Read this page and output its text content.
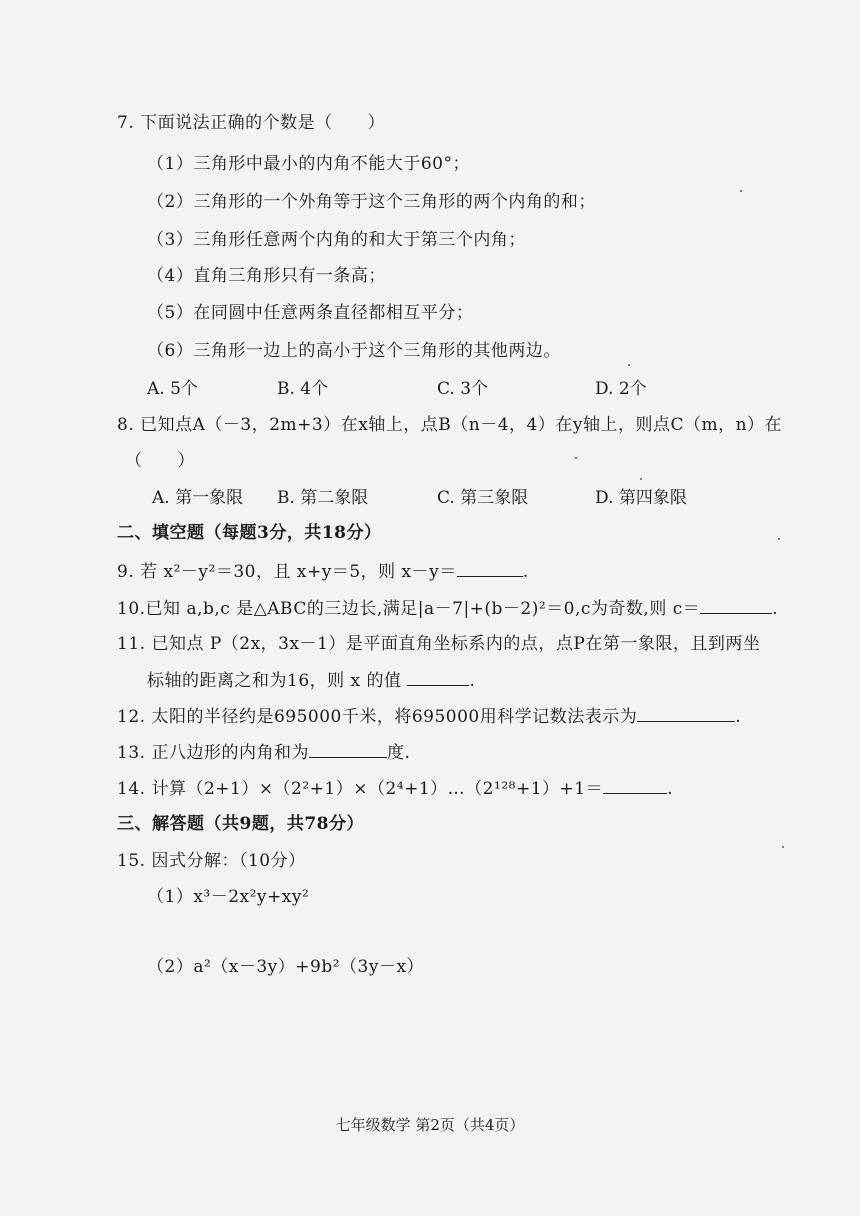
7. 下面说法正确的个数是（　　）
（1）三角形中最小的内角不能大于60°；
（2）三角形的一个外角等于这个三角形的两个内角的和；
（3）三角形任意两个内角的和大于第三个内角；
（4）直角三角形只有一条高；
（5）在同圆中任意两条直径都相互平分；
（6）三角形一边上的高小于这个三角形的其他两边。
A. 5个	B. 4个	C. 3个	D. 2个
8. 已知点A（－3，2m+3）在x轴上，点B（n－4，4）在y轴上，则点C（m，n）在
（　　）
A. 第一象限 B. 第二象限	C. 第三象限	D. 第四象限
二、填空题（每题3分，共18分）
9. 若 x²－y²＝30，且 x+y＝5，则 x－y＝	.
10.已知 a,b,c 是△ABC的三边长,满足|a－7|+(b－2)²＝0,c为奇数,则 c＝	.
11. 已知点 P（2x，3x－1）是平面直角坐标系内的点，点P在第一象限，且到两坐
标轴的距离之和为16，则 x 的值	.
12. 太阳的半径约是695000千米，将695000用科学记数法表示为	.
13. 正八边形的内角和为	度.
14. 计算（2+1）×（2²+1）×（2⁴+1）…（2¹²⁸+1）+1＝	.
三、解答题（共9题，共78分）
15. 因式分解：（10分）
（1）x³－2x²y+xy²
（2）a²（x－3y）+9b²（3y－x）
七年级数学 第2页（共4页）
